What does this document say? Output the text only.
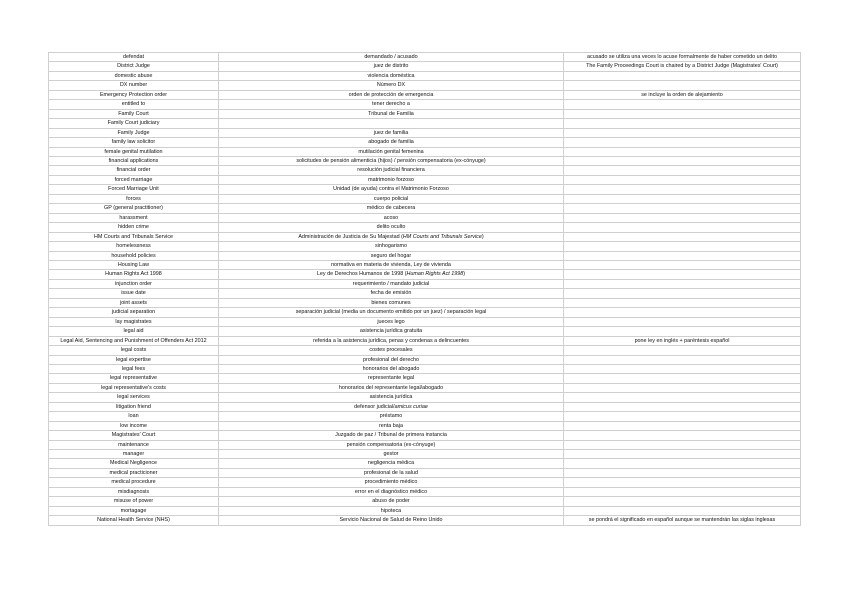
defendat	demandado / acusado	acusado se utiliza una veces lo acuse formalmente de haber cometido un delito
District Judge	juez de distrito	The Family Proceedings Court is chaired by a District Judge (Magistrates' Court)
domestic abuse	violencia doméstica	
DX number	Número DX	
Emergency Protection order	orden de protección de emergencia	se incluye la orden de alejamiento
entitled to	tener derecho a	
Family Court	Tribunal de Familia	
Family Court judiciary		
Family Judge	juez de familia	
family law solicitor	abogado de familia	
female genital mutilation	mutilación genital femenina	
financial applications	solicitudes de pensión alimenticia (hijos) / pensión compensatoria (ex-cónyuge)	
financial order	resolución judicial financiera	
forced marriage	matrimonio forzoso	
Forced Marriage Unit	Unidad (de ayuda) contra el Matrimonio Forzoso	
forces	cuerpo policial	
GP (general practitioner)	médico de cabecera	
harassment	acoso	
hidden crime	delito oculto	
HM Courts and Tribunals Service	Administración de Justicia de Su Majestad (HM Courts and Tribunals Service)	
homelessness	sinhogarismo	
household policies	seguro del hogar	
Housing Law	normativa en materia de vivienda, Ley de vivienda	
Human Rights Act 1998	Ley de Derechos Humanos de 1998 (Human Rights Act 1998)	
injunction order	requerimiento / mandato judicial	
issue date	fecha de emisión	
joint assets	bienes comunes	
judicial separation	separación judicial (media un documento emitido por un juez) / separación legal	
lay magistrates	jueces lego	
legal aid	asistencia jurídica gratuita	
Legal Aid, Sentencing and Punishment of Offenders Act 2012	referida a la asistencia jurídica, penas y condenas a delincuentes	pone ley en inglés + paréntesis español
legal costs	costes procesales	
legal expertise	profesional del derecho	
legal fees	honorarios del abogado	
legal representative	representante legal	
legal representative's costs	honorarios del representante legal/abogado	
legal services	asistencia jurídica	
litigation friend	defensor judicial/amicus curiae	
loan	préstamo	
low income	renta baja	
Magistrates' Court	Juzgado de paz / Tribunal de primera instancia	
maintenance	pensión compensatoria (ex-cónyuge)	
manager	gestor	
Medical Negligence	negligencia médica	
medical practicioner	profesional de la salud	
medical procedure	procedimiento médico	
misdiagnosis	error en el diagnóstico médico	
misuse of power	abuso de poder	
mortagage	hipoteca	
National Health Service (NHS)	Servicio Nacional de Salud de Reino Unido	se pondrá el significado en español aunque se mantendrán las siglas inglesas
